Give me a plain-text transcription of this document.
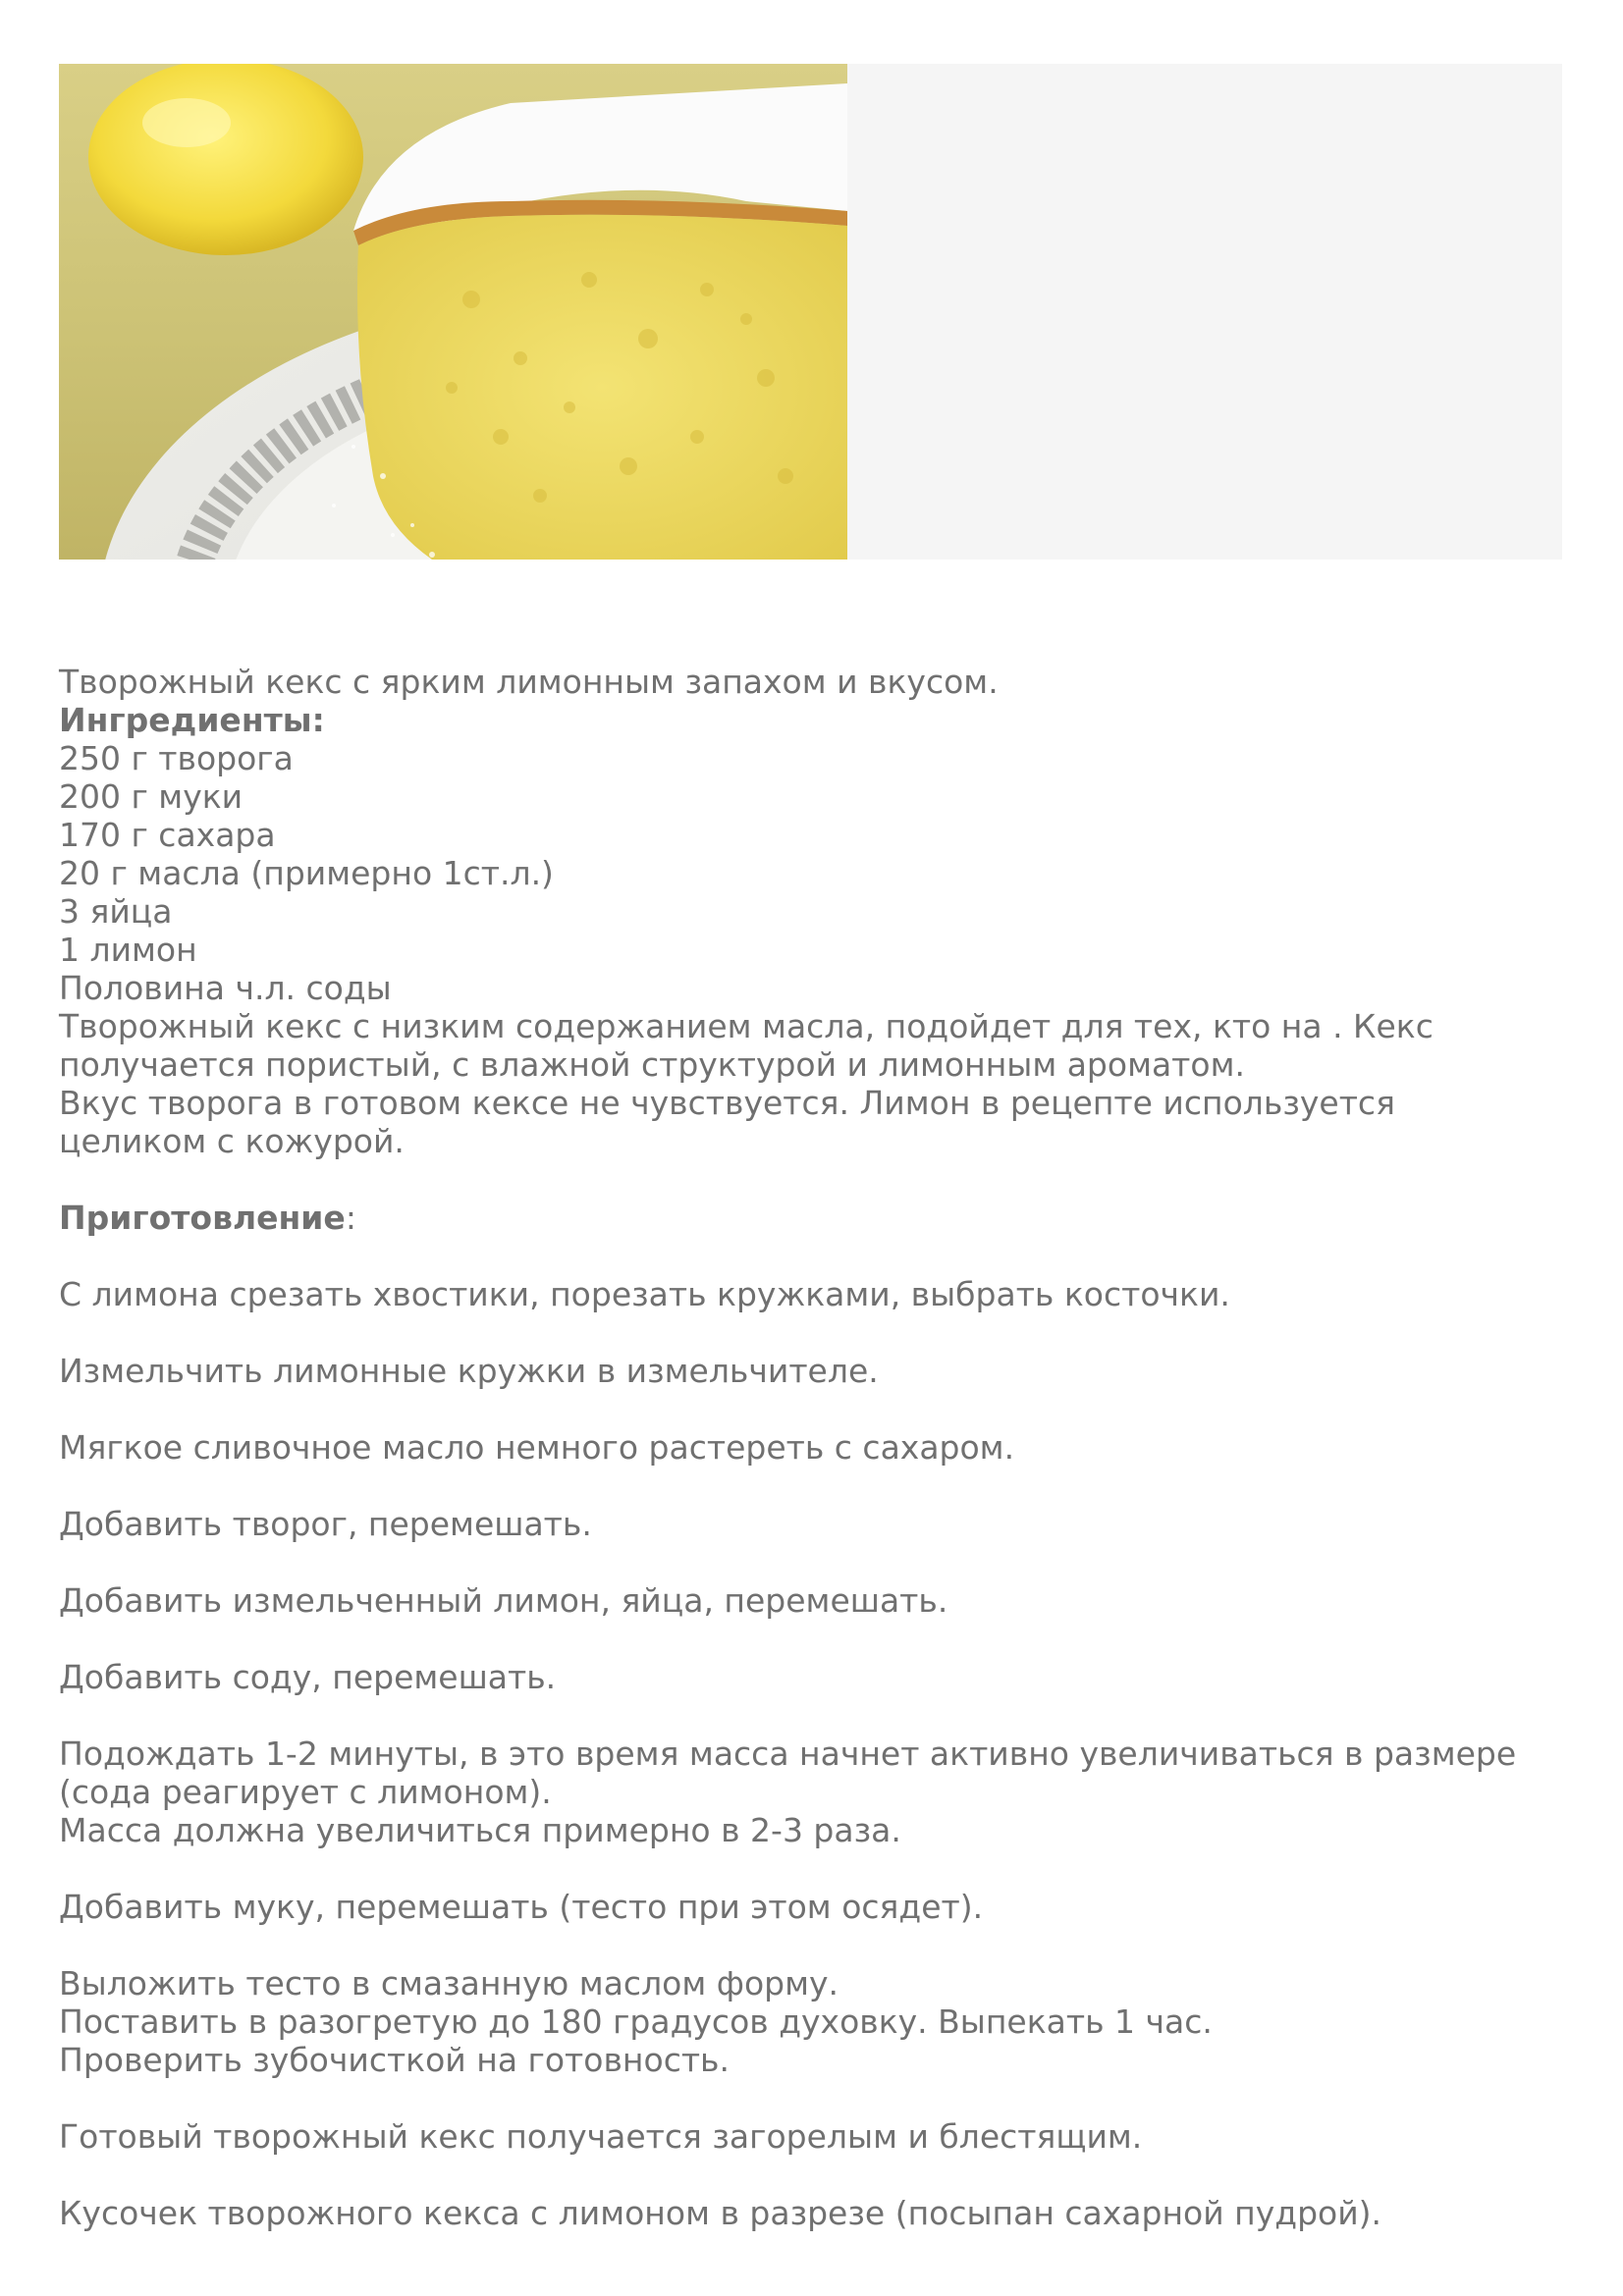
Творожный кекс с ярким лимонным запахом и вкусом.

Ингредиенты:

250 г творога

200 г муки

170 г сахара

20 г масла (примерно 1ст.л.)

3 яйца

1 лимон

Половина ч.л. соды

Творожный кекс с низким содержанием масла, подойдет для тех, кто на . Кекс

получается пористый, с влажной структурой и лимонным ароматом.

Вкус творога в готовом кексе не чувствуется. Лимон в рецепте используется

целиком с кожурой.

Приготовление:

С лимона срезать хвостики, порезать кружками, выбрать косточки.

Измельчить лимонные кружки в измельчителе.

Мягкое сливочное масло немного растереть с сахаром.

Добавить творог, перемешать.

Добавить измельченный лимон, яйца, перемешать.

Добавить соду, перемешать.

Подождать 1-2 минуты, в это время масса начнет активно увеличиваться в размере

(сода реагирует с лимоном).

Масса должна увеличиться примерно в 2-3 раза.

Добавить муку, перемешать (тесто при этом осядет).

Выложить тесто в смазанную маслом форму.

Поставить в разогретую до 180 градусов духовку. Выпекать 1 час.

Проверить зубочисткой на готовность.

Готовый творожный кекс получается загорелым и блестящим.

Кусочек творожного кекса с лимоном в разрезе (посыпан сахарной пудрой).
